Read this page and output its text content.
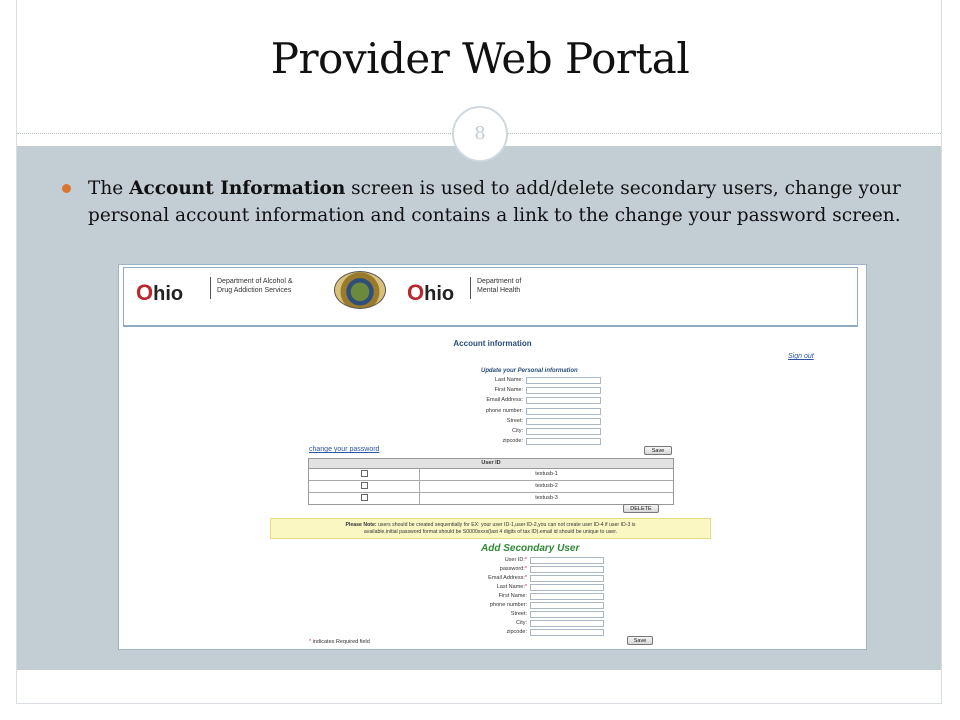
Provider Web Portal
8
The Account Information screen is used to add/delete secondary users, change your personal account information and contains a link to the change your password screen.
Ohio
Department of Alcohol &
Drug Addiction Services	Ohio
Department of
Mental Health
Account information
Sign out
Update your Personal information
Last Name:
First Name:
Email Address:
phone number:
Street:
City:
zipcode:
change your password	Save
User ID
testusb-1
testusb-2
testusb-3
DELETE
Please Note: users should be created sequentially for EX: your user ID-1,user ID-2,you can not create user ID-4 if user ID-3 is
available.initial password format should be S0000xxxx(last 4 digits of tax ID).email id should be unique to user.
Add Secondary User
User ID:*
password:*
Email Address:*
Last Name:*
First Name:
phone number:
Street:
City:
zipcode:
* indicates Required field	Save
